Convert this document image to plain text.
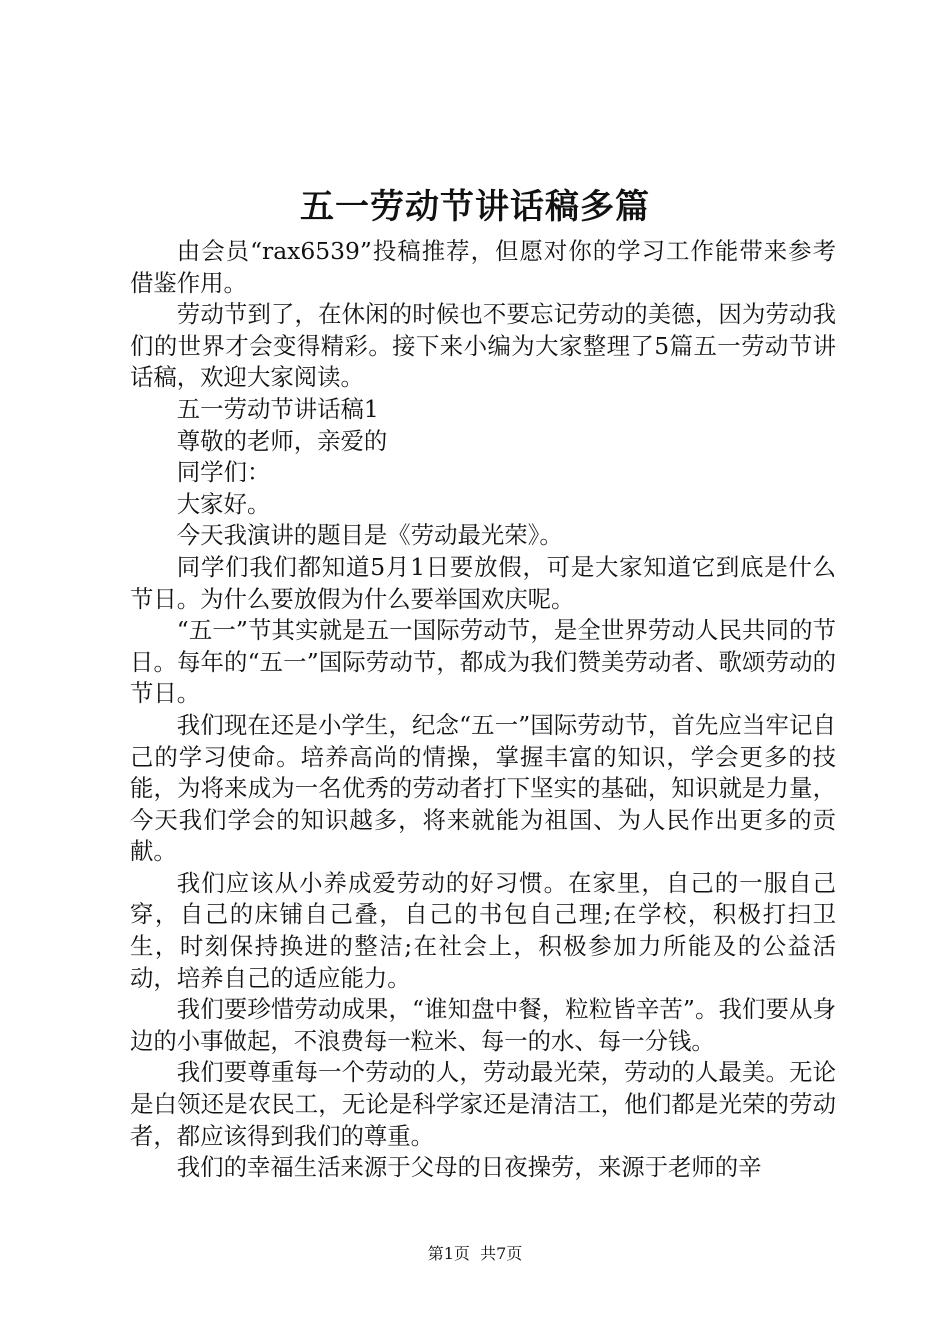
五一劳动节讲话稿多篇

由会员“rax6539”投稿推荐，但愿对你的学习工作能带来参考借鉴作用。

劳动节到了，在休闲的时候也不要忘记劳动的美德，因为劳动我们的世界才会变得精彩。接下来小编为大家整理了5篇五一劳动节讲话稿，欢迎大家阅读。

五一劳动节讲话稿1

尊敬的老师，亲爱的

同学们：

大家好。

今天我演讲的题目是《劳动最光荣》。

同学们我们都知道5月1日要放假，可是大家知道它到底是什么节日。为什么要放假为什么要举国欢庆呢。

“五一”节其实就是五一国际劳动节，是全世界劳动人民共同的节日。每年的“五一”国际劳动节，都成为我们赞美劳动者、歌颂劳动的节日。

我们现在还是小学生，纪念“五一”国际劳动节，首先应当牢记自己的学习使命。培养高尚的情操，掌握丰富的知识，学会更多的技能，为将来成为一名优秀的劳动者打下坚实的基础，知识就是力量，今天我们学会的知识越多，将来就能为祖国、为人民作出更多的贡献。

我们应该从小养成爱劳动的好习惯。在家里，自己的一服自己穿，自己的床铺自己叠，自己的书包自己理;在学校，积极打扫卫生，时刻保持换进的整洁;在社会上，积极参加力所能及的公益活动，培养自己的适应能力。

我们要珍惜劳动成果，“谁知盘中餐，粒粒皆辛苦”。我们要从身边的小事做起，不浪费每一粒米、每一的水、每一分钱。

我们要尊重每一个劳动的人，劳动最光荣，劳动的人最美。无论是白领还是农民工，无论是科学家还是清洁工，他们都是光荣的劳动者，都应该得到我们的尊重。

我们的幸福生活来源于父母的日夜操劳，来源于老师的辛

第1页  共7页
